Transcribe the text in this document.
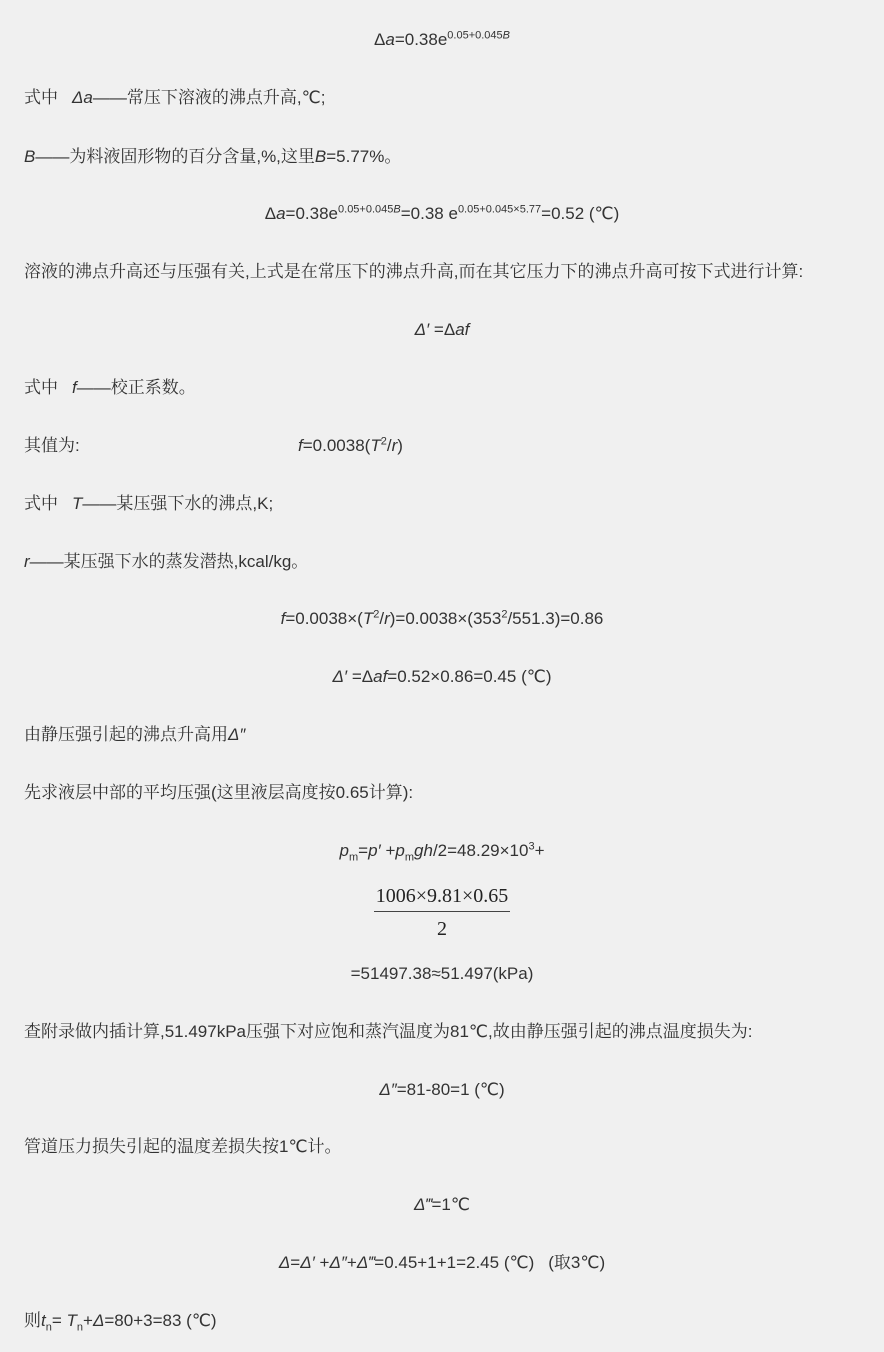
$\Delta a=0.38e^{0.05+0.045B}$
式中 Δa——常压下溶液的沸点升高,℃;
B——为料液固形物的百分含量,%,这里B=5.77%。
$\Delta a=0.38e^{0.05+0.045B}=0.38$ $e^{0.05+0.045\times 5.77}=0.52$ (℃)
溶液的沸点升高还与压强有关,上式是在常压下的沸点升高,而在其它压力下的沸点升高可按下式进行计算:
Δ′ =Δaf
式中 f——校正系数。
其值为:	$f=0.0038(T^2/r)$
式中 T——某压强下水的沸点,K;
r——某压强下水的蒸发潜热,kcal/kg。
$f=0.0038\times(T^2/r)=0.0038\times(353^2/551.3)=0.86$
Δ′ =Δaf=0.52×0.86=0.45 (℃)
由静压强引起的沸点升高用Δ″
先求液层中部的平均压强(这里液层高度按0.65计算):
$p_m=p' +p_mgh/2=48.29\times 10^3+$
$\frac{1006\times 9.81\times 0.65}{2}$
=51497.38≈51.497(kPa)
查附录做内插计算,51.497kPa压强下对应饱和蒸汽温度为81℃,故由静压强引起的沸点温度损失为:
Δ″=81-80=1 (℃)
管道压力损失引起的温度差损失按1℃计。
Δ‴=1℃
Δ=Δ′ +Δ″+Δ‴=0.45+1+1=2.45 (℃) (取3℃)
则$t_n= T_n+\Delta=80+3=83$ (℃)
